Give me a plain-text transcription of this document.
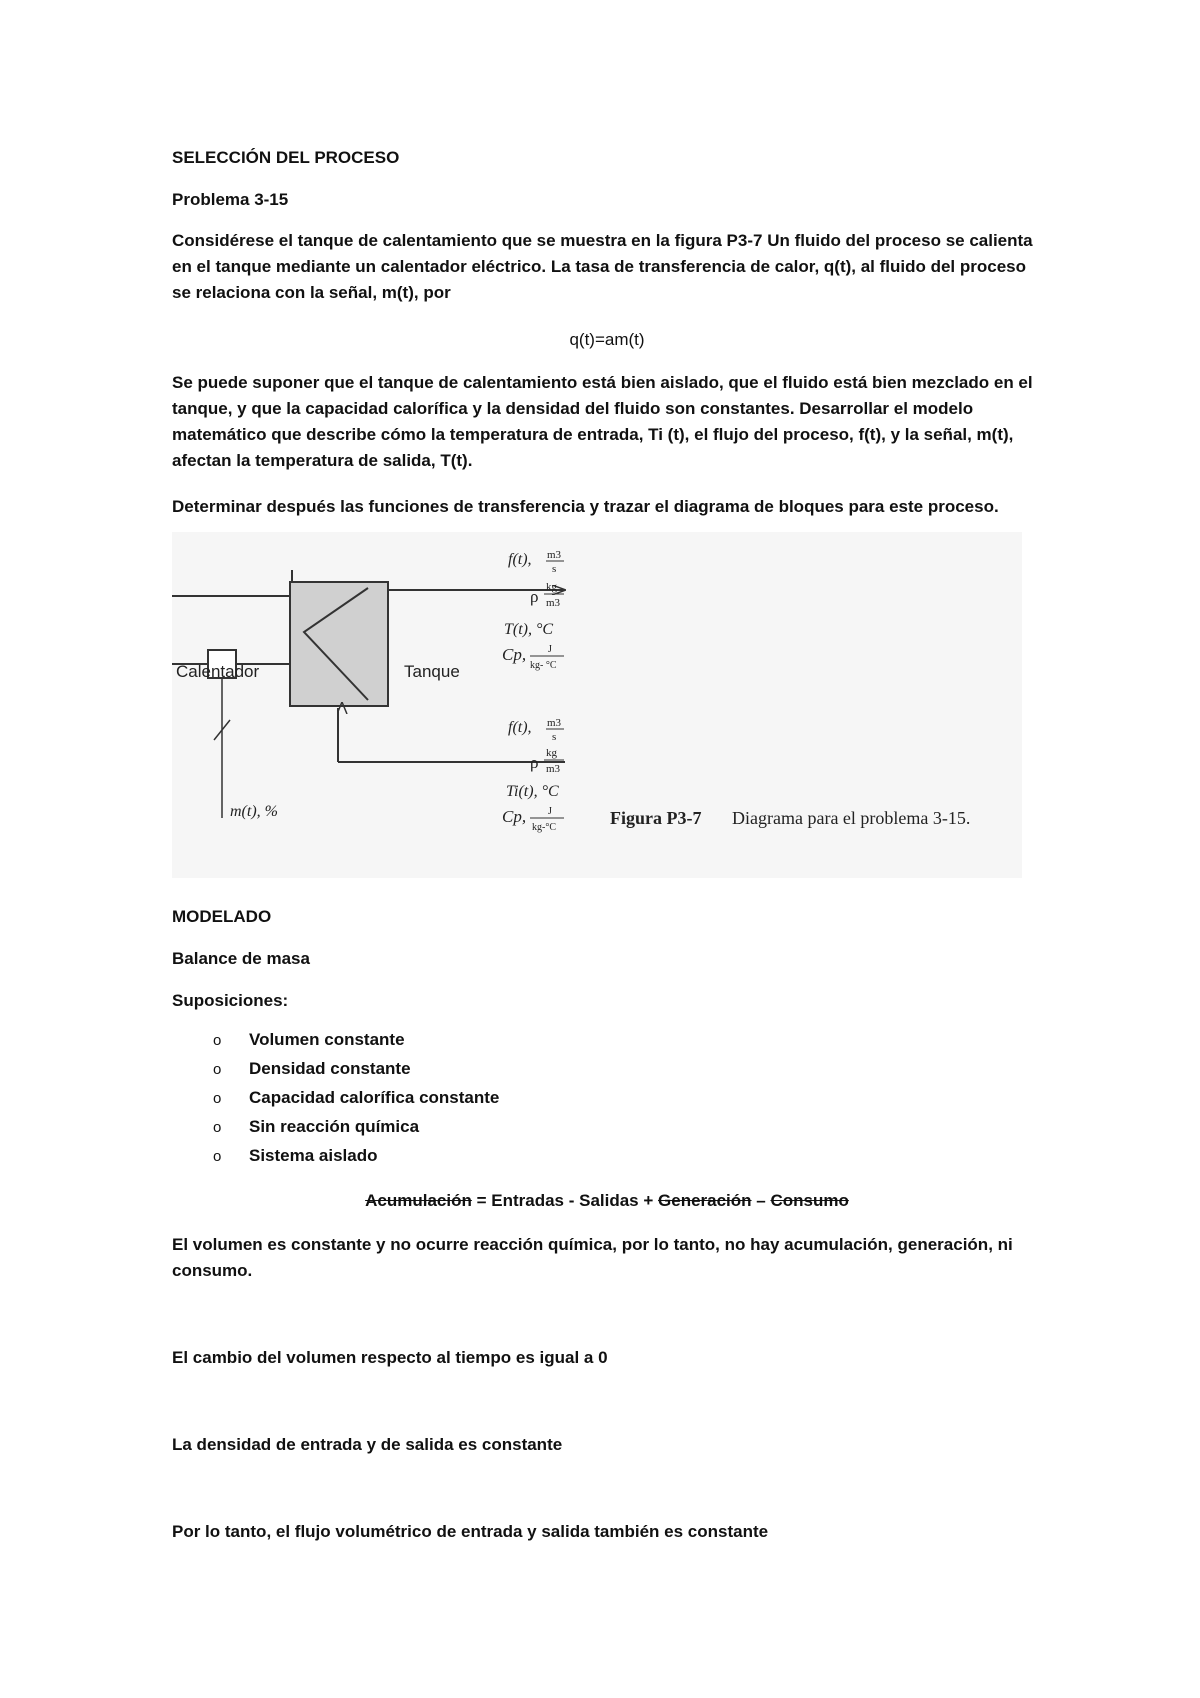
SELECCIÓN DEL PROCESO

Problema 3-15

Considérese el tanque de calentamiento que se muestra en la figura P3-7 Un fluido del proceso se calienta en el tanque mediante un calentador eléctrico. La tasa de transferencia de calor, q(t), al fluido del proceso se relaciona con la señal, m(t), por

q(t)=am(t)

Se puede suponer que el tanque de calentamiento está bien aislado, que el fluido está bien mezclado en el tanque, y que la capacidad calorífica y la densidad del fluido son constantes. Desarrollar el modelo matemático que describe cómo la temperatura de entrada, Ti (t), el flujo del proceso, f(t), y la señal, m(t), afectan la temperatura de salida, T(t).

Determinar después las funciones de transferencia y trazar el diagrama de bloques para este proceso.

Calentador	Tanque
m(t), %
f(t), m3
s
ρ kg
m3
T(t), °C
Cp, J
kg- °C
f(t), m3
s
ρ kg
m3
Ti(t), °C
Cp, J
kg-°C	Figura P3-7 Diagrama para el problema 3-15.

MODELADO

Balance de masa

Suposiciones:

o Volumen constante
o Densidad constante
o Capacidad calorífica constante
o Sin reacción química
o Sistema aislado

Acumulación = Entradas - Salidas + Generación – Consumo

El volumen es constante y no ocurre reacción química, por lo tanto, no hay acumulación, generación, ni consumo.

El cambio del volumen respecto al tiempo es igual a 0

La densidad de entrada y de salida es constante

Por lo tanto, el flujo volumétrico de entrada y salida también es constante
